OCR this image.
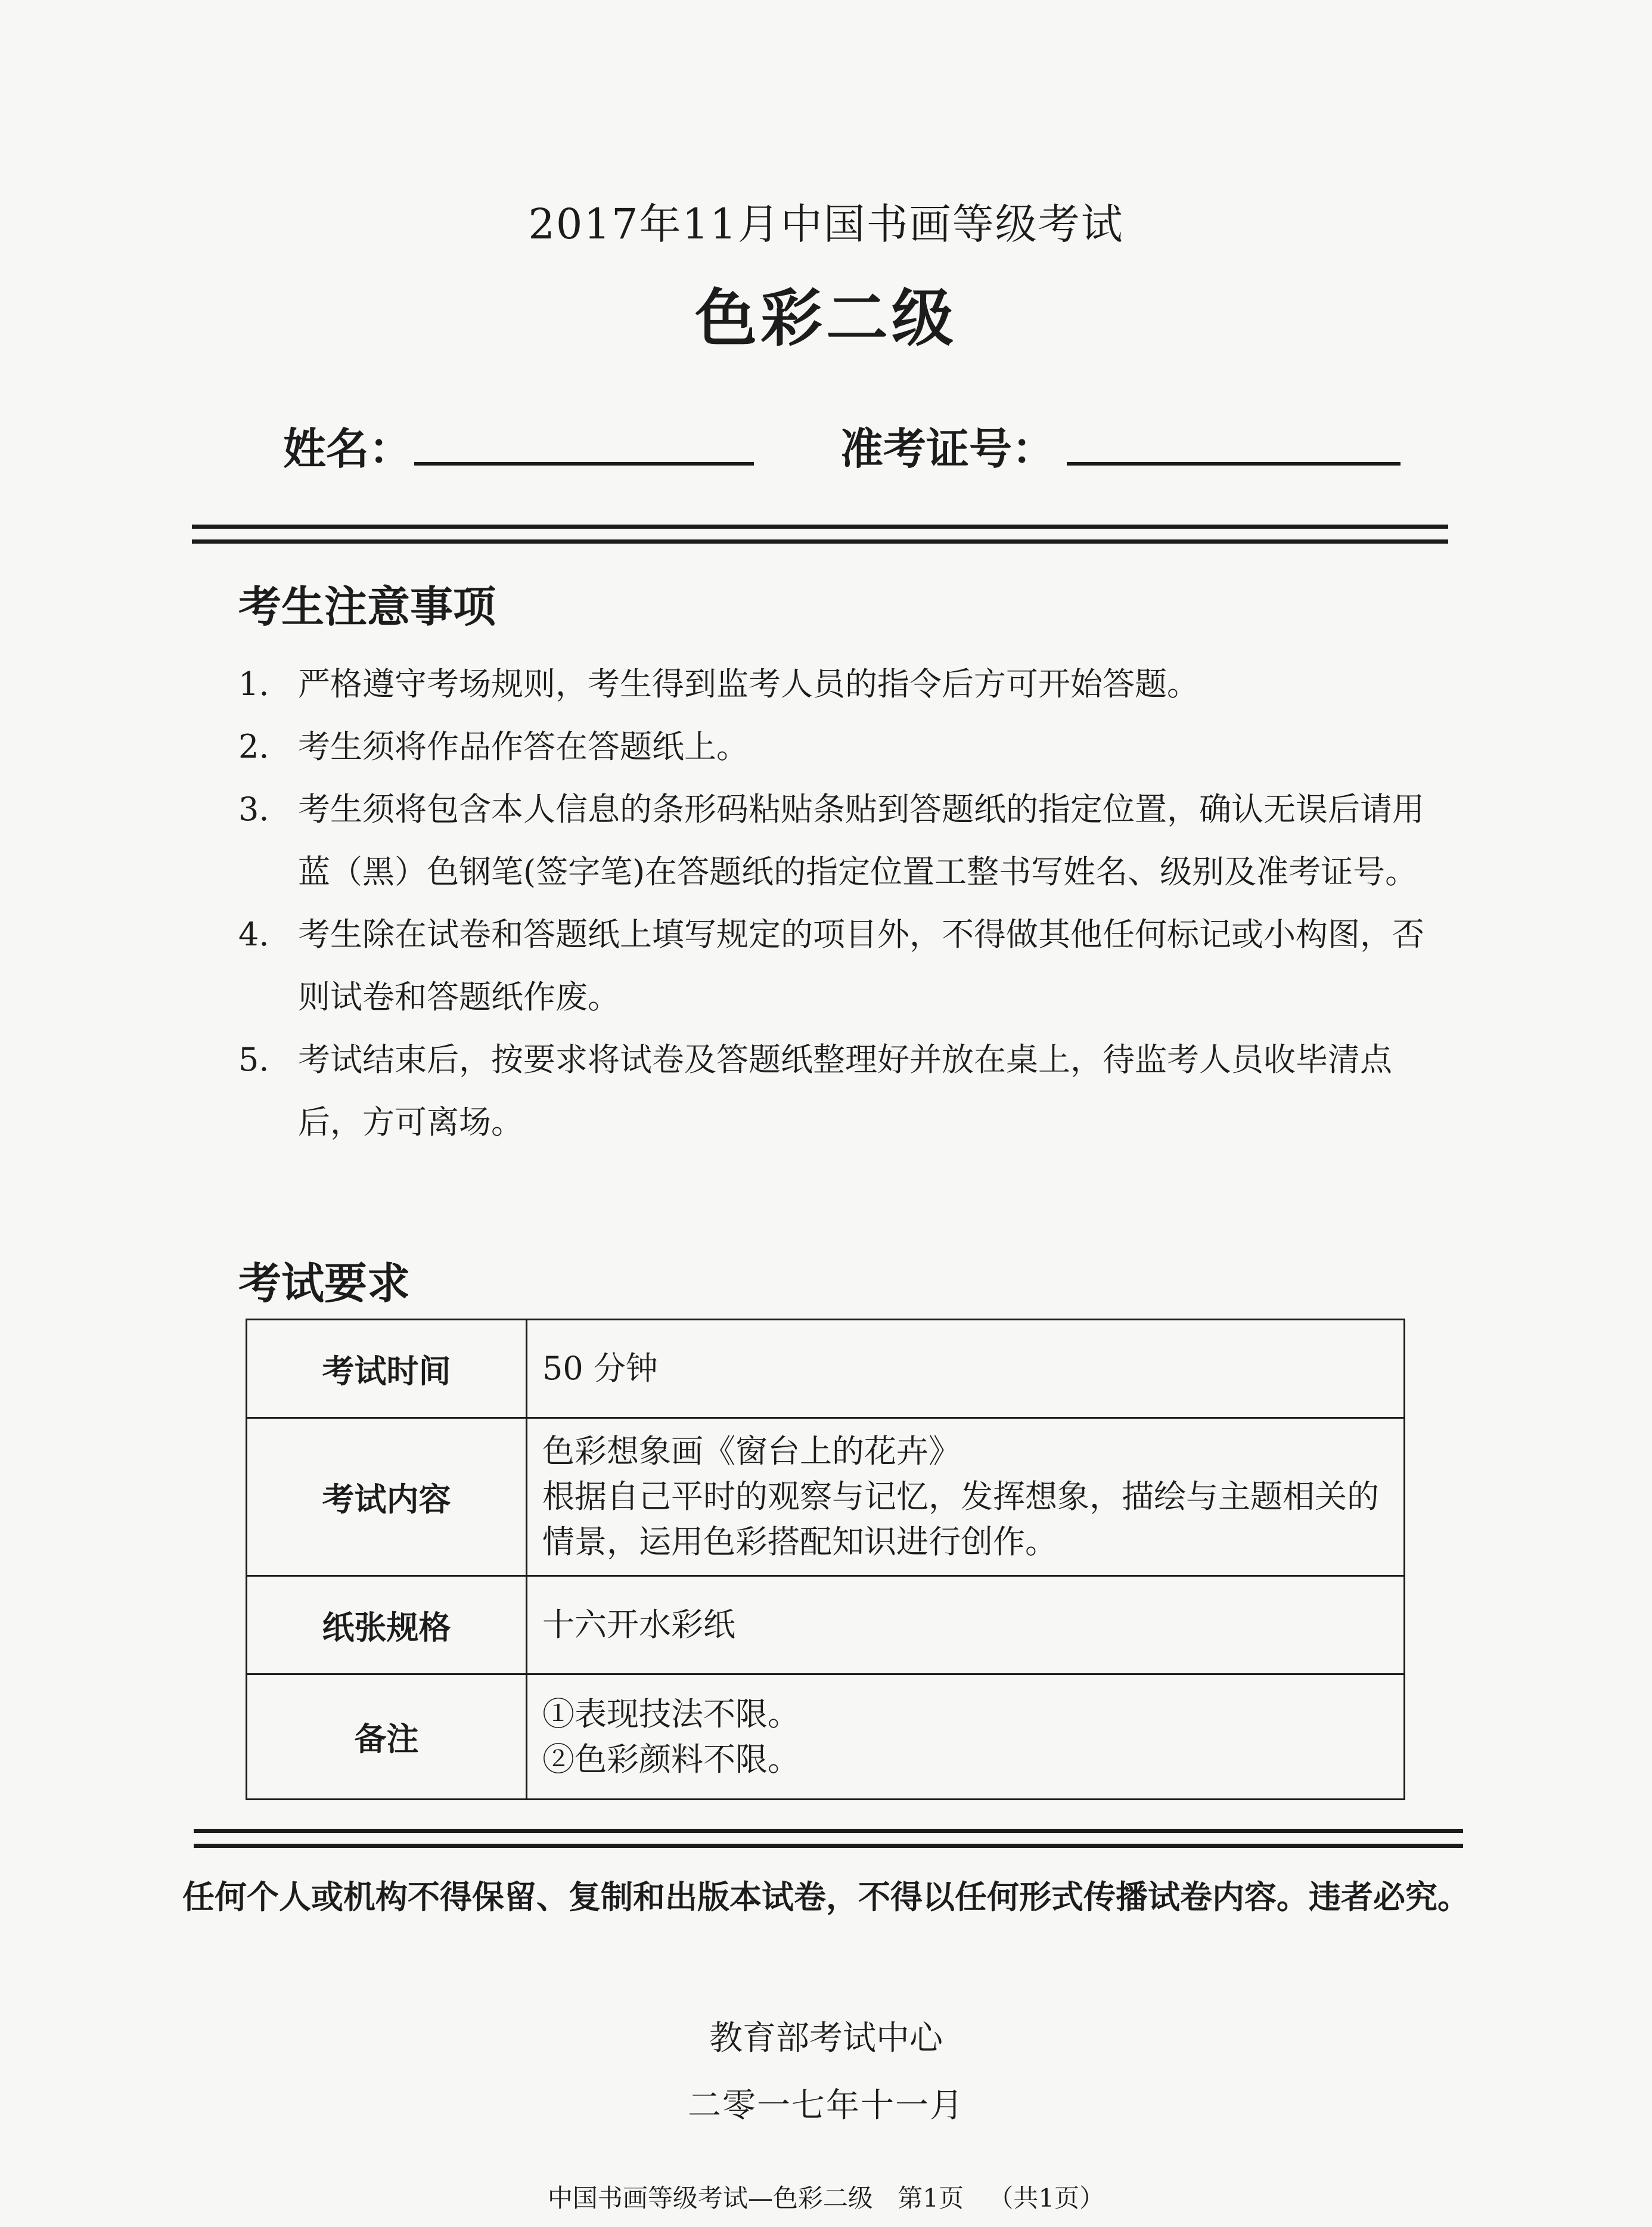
2017年11月中国书画等级考试
色彩二级
姓名：	准考证号：
考生注意事项
1. 严格遵守考场规则，考生得到监考人员的指令后方可开始答题。
2. 考生须将作品作答在答题纸上。
3. 考生须将包含本人信息的条形码粘贴条贴到答题纸的指定位置，确认无误后请用蓝（黑）色钢笔(签字笔)在答题纸的指定位置工整书写姓名、级别及准考证号。
4. 考生除在试卷和答题纸上填写规定的项目外，不得做其他任何标记或小构图，否则试卷和答题纸作废。
5. 考试结束后，按要求将试卷及答题纸整理好并放在桌上，待监考人员收毕清点后，方可离场。
考试要求
考试时间	50 分钟

考试内容	色彩想象画《窗台上的花卉》
根据自己平时的观察与记忆，发挥想象，描绘与主题相关的情景，运用色彩搭配知识进行创作。

纸张规格	十六开水彩纸

备注	①表现技法不限。
②色彩颜料不限。
任何个人或机构不得保留、复制和出版本试卷，不得以任何形式传播试卷内容。违者必究。
教育部考试中心
二零一七年十一月
中国书画等级考试—色彩二级 第1页 （共1页）
